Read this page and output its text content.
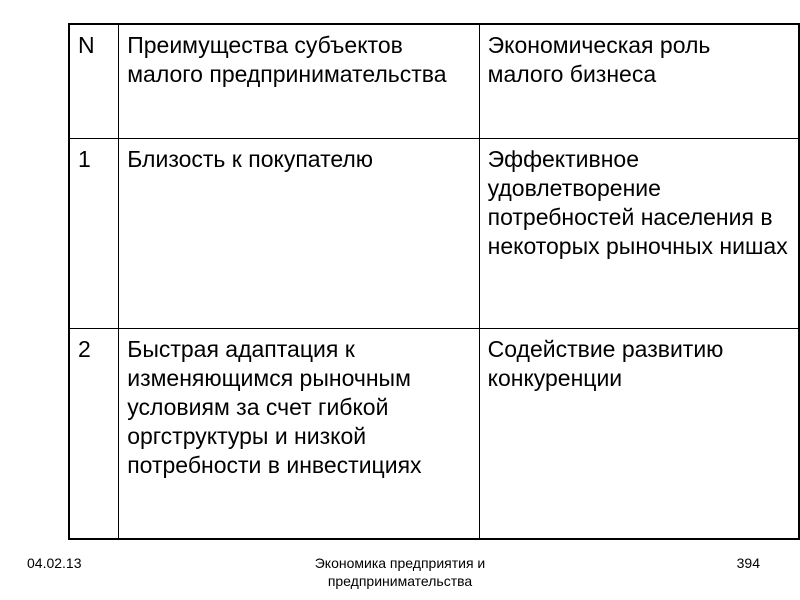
N	Преимущества субъектов малого предпринимательства	Экономическая роль малого бизнеса
1	Близость к покупателю	Эффективное удовлетворение потребностей населения в некоторых рыночных нишах
2	Быстрая адаптация к изменяющимся рыночным условиям за счет гибкой оргструктуры и низкой потребности в инвестициях	Содействие развитию конкуренции
04.02.13	Экономика предприятия и предпринимательства
394
